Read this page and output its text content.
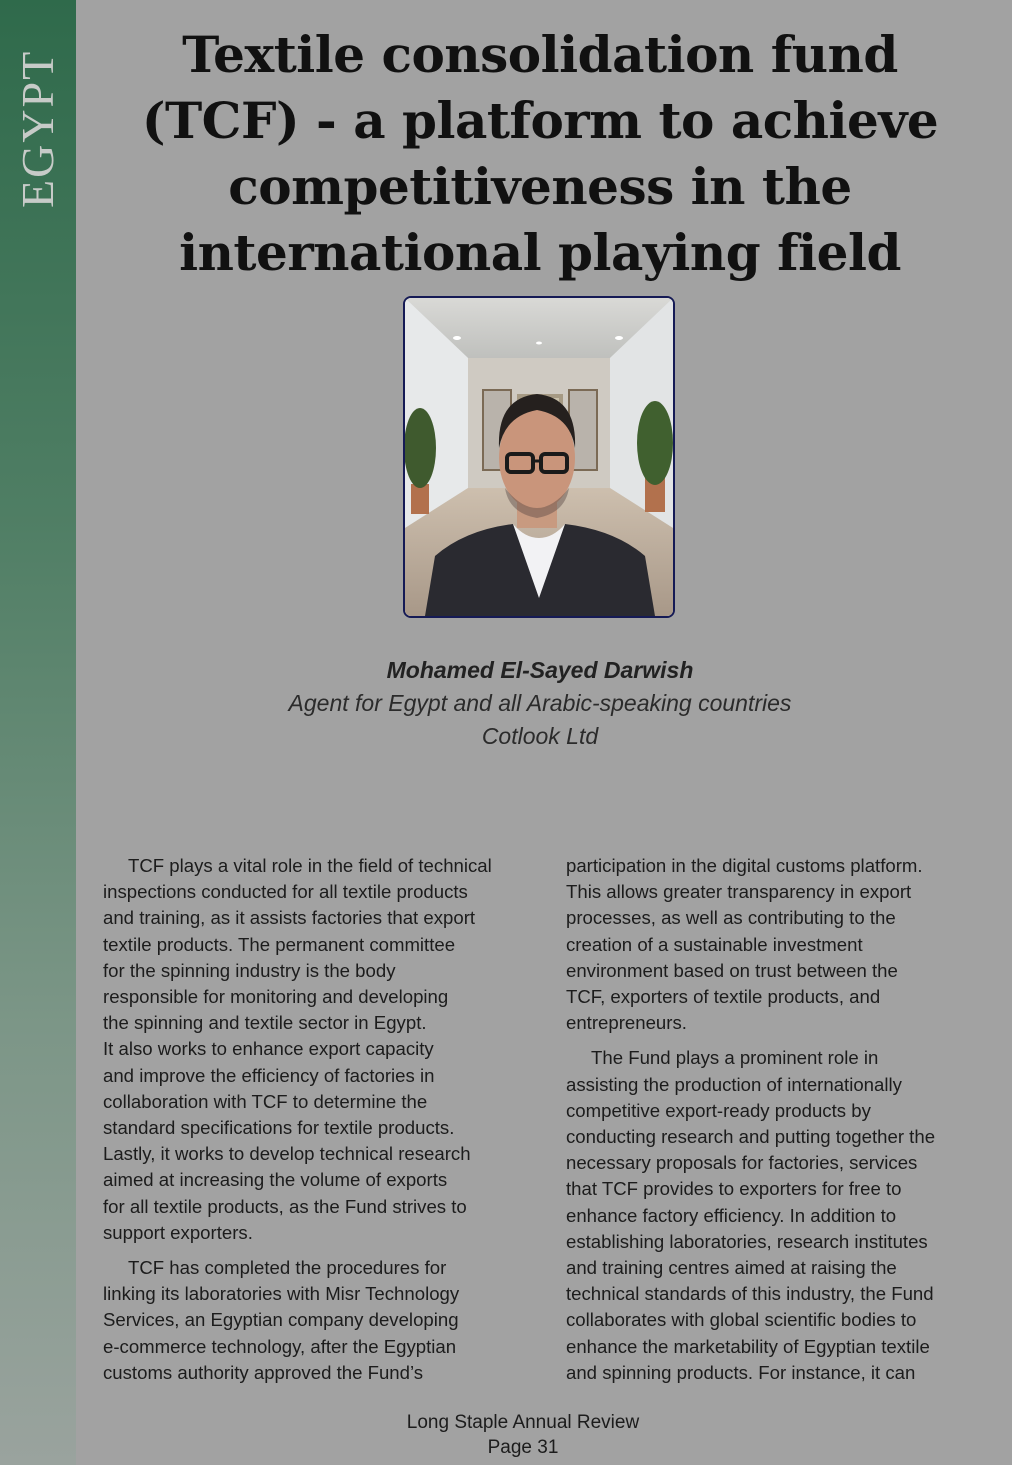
EGYPT	Textile consolidation fund
(TCF) - a platform to achieve
competitiveness in the
international playing field
Mohamed El-Sayed Darwish
Agent for Egypt and all Arabic-speaking countries
Cotlook Ltd

TCF plays a vital role in the field of technical
inspections conducted for all textile products
and training, as it assists factories that export
textile products. The permanent committee
for the spinning industry is the body
responsible for monitoring and developing
the spinning and textile sector in Egypt.
It also works to enhance export capacity
and improve the efficiency of factories in
collaboration with TCF to determine the
standard specifications for textile products.
Lastly, it works to develop technical research
aimed at increasing the volume of exports
for all textile products, as the Fund strives to
support exporters.

TCF has completed the procedures for
linking its laboratories with Misr Technology
Services, an Egyptian company developing
e-commerce technology, after the Egyptian
customs authority approved the Fund’s

participation in the digital customs platform.
This allows greater transparency in export
processes, as well as contributing to the
creation of a sustainable investment
environment based on trust between the
TCF, exporters of textile products, and
entrepreneurs.

The Fund plays a prominent role in
assisting the production of internationally
competitive export-ready products by
conducting research and putting together the
necessary proposals for factories, services
that TCF provides to exporters for free to
enhance factory efficiency. In addition to
establishing laboratories, research institutes
and training centres aimed at raising the
technical standards of this industry, the Fund
collaborates with global scientific bodies to
enhance the marketability of Egyptian textile
and spinning products. For instance, it can

Long Staple Annual Review
Page 31
